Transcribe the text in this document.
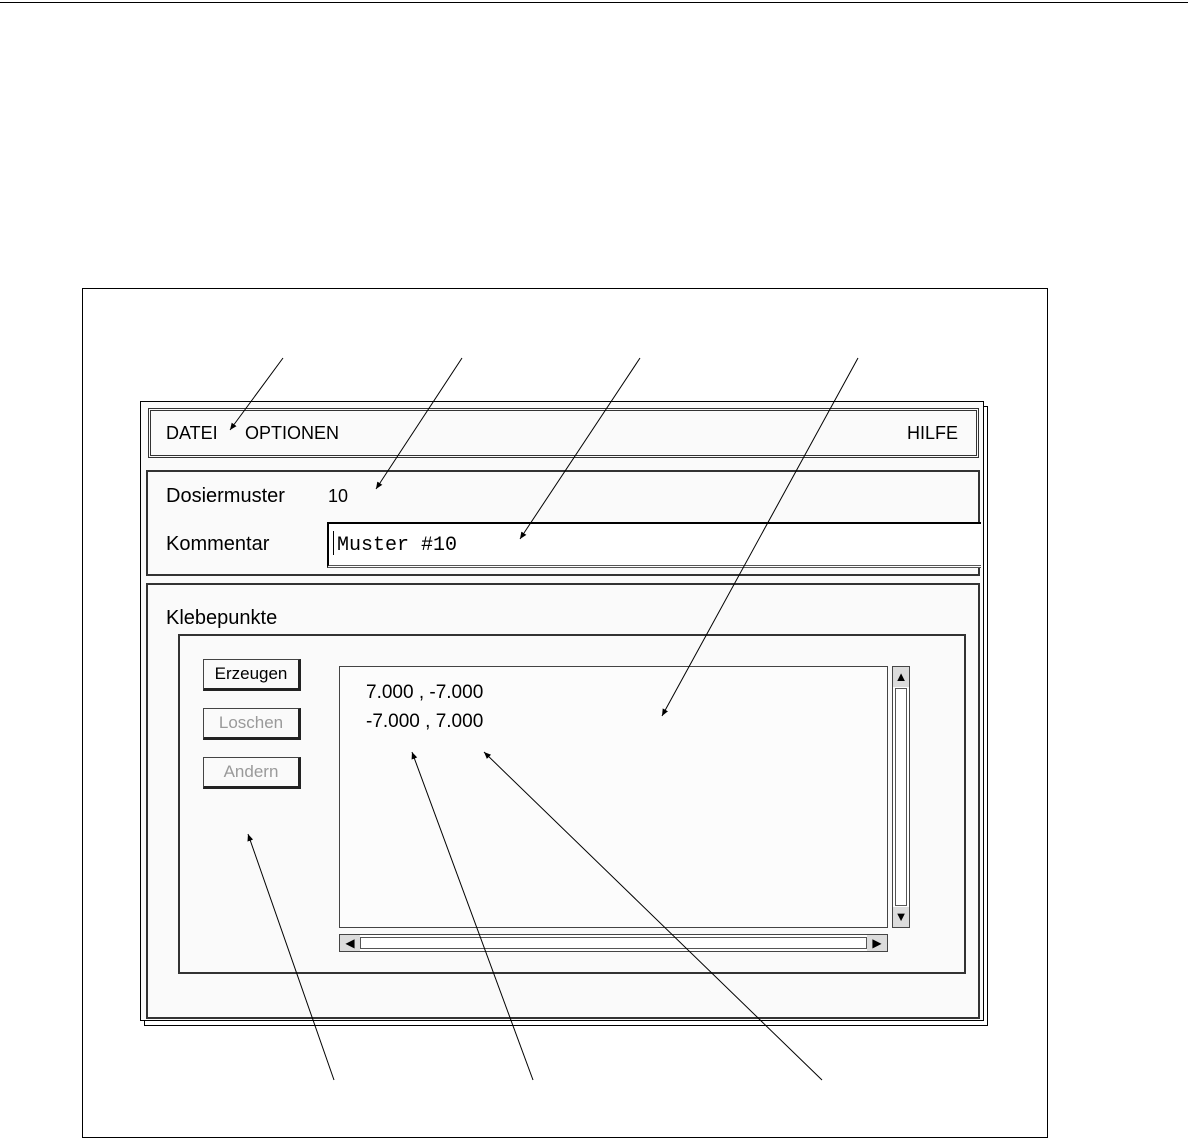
DATEI OPTIONEN	HILFE
Dosiermuster 10
Kommentar	Muster #10
Klebepunkte
Erzeugen
Loschen
Andern
7.000 , -7.000
-7.000 , 7.000
▲
▼
◀	▶
